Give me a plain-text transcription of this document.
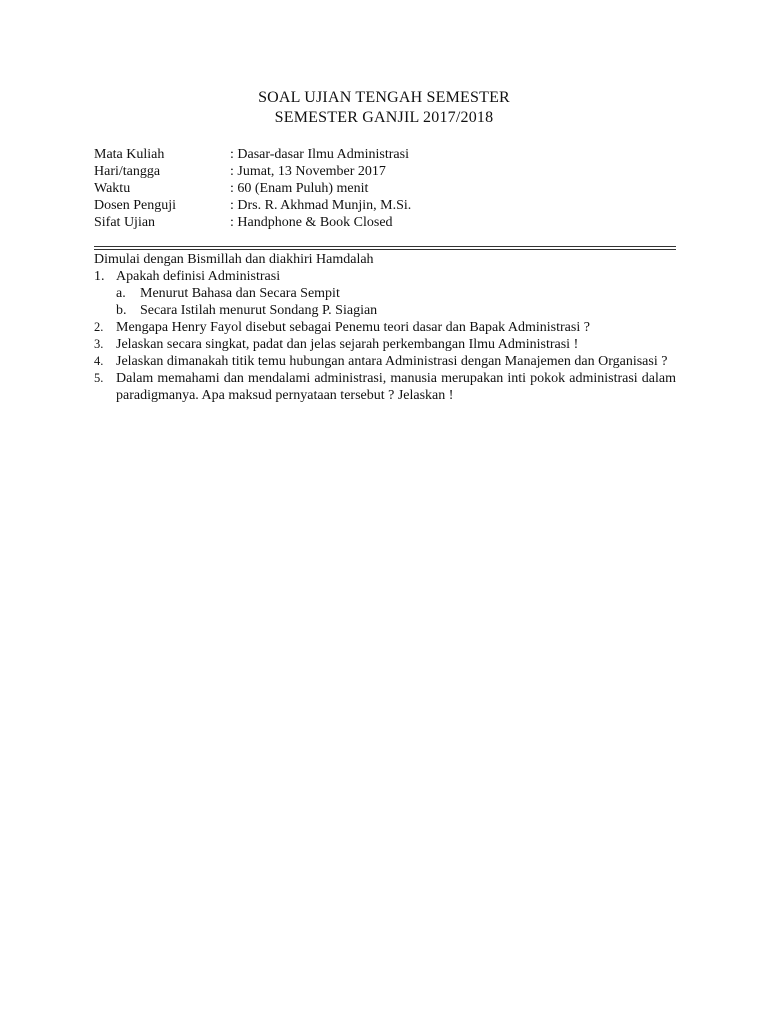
SOAL UJIAN TENGAH SEMESTER
SEMESTER GANJIL 2017/2018
Mata Kuliah	: Dasar-dasar Ilmu Administrasi
Hari/tangga	: Jumat, 13 November 2017
Waktu	: 60 (Enam Puluh) menit
Dosen Penguji	: Drs. R. Akhmad Munjin, M.Si.
Sifat Ujian	: Handphone & Book Closed
Dimulai dengan Bismillah dan diakhiri Hamdalah
1. Apakah definisi Administrasi
a.	Menurut Bahasa dan Secara Sempit
b. Secara Istilah menurut Sondang P. Siagian
2. Mengapa Henry Fayol disebut sebagai Penemu teori dasar dan Bapak Administrasi ?
3. Jelaskan secara singkat, padat dan jelas sejarah perkembangan Ilmu Administrasi !
4. Jelaskan dimanakah titik temu hubungan antara Administrasi dengan Manajemen dan Organisasi ?
5. Dalam memahami dan mendalami administrasi, manusia merupakan inti pokok administrasi dalam paradigmanya. Apa maksud pernyataan tersebut ? Jelaskan !
